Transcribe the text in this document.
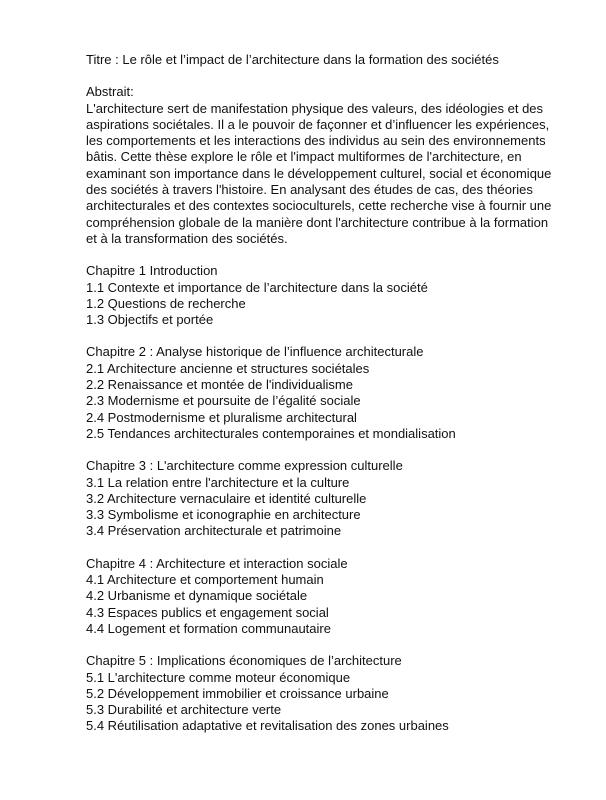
Titre : Le rôle et l’impact de l’architecture dans la formation des sociétés

Abstrait:

L'architecture sert de manifestation physique des valeurs, des idéologies et des
aspirations sociétales. Il a le pouvoir de façonner et d’influencer les expériences,
les comportements et les interactions des individus au sein des environnements
bâtis. Cette thèse explore le rôle et l'impact multiformes de l'architecture, en
examinant son importance dans le développement culturel, social et économique
des sociétés à travers l'histoire. En analysant des études de cas, des théories
architecturales et des contextes socioculturels, cette recherche vise à fournir une
compréhension globale de la manière dont l'architecture contribue à la formation
et à la transformation des sociétés.

Chapitre 1 Introduction

1.1 Contexte et importance de l’architecture dans la société

1.2 Questions de recherche

1.3 Objectifs et portée

Chapitre 2 : Analyse historique de l’influence architecturale

2.1 Architecture ancienne et structures sociétales

2.2 Renaissance et montée de l'individualisme

2.3 Modernisme et poursuite de l’égalité sociale

2.4 Postmodernisme et pluralisme architectural

2.5 Tendances architecturales contemporaines et mondialisation

Chapitre 3 : L'architecture comme expression culturelle

3.1 La relation entre l'architecture et la culture

3.2 Architecture vernaculaire et identité culturelle

3.3 Symbolisme et iconographie en architecture

3.4 Préservation architecturale et patrimoine

Chapitre 4 : Architecture et interaction sociale

4.1 Architecture et comportement humain

4.2 Urbanisme et dynamique sociétale

4.3 Espaces publics et engagement social

4.4 Logement et formation communautaire

Chapitre 5 : Implications économiques de l’architecture

5.1 L'architecture comme moteur économique

5.2 Développement immobilier et croissance urbaine

5.3 Durabilité et architecture verte

5.4 Réutilisation adaptative et revitalisation des zones urbaines
